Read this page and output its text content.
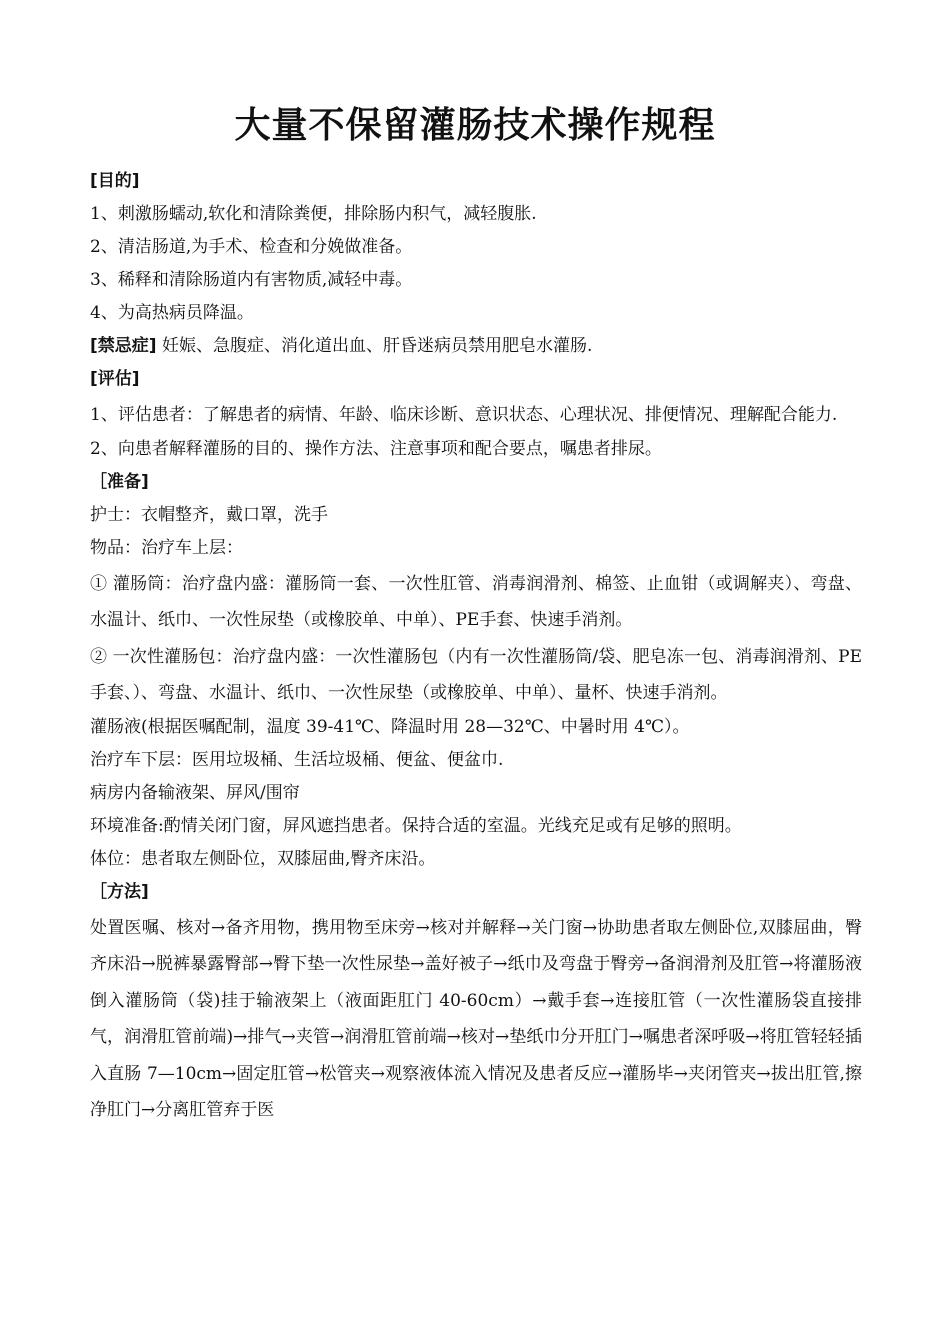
大量不保留灌肠技术操作规程

[目的]

1、刺激肠蠕动,软化和清除粪便，排除肠内积气，减轻腹胀.

2、清洁肠道,为手术、检查和分娩做准备。

3、稀释和清除肠道内有害物质,减轻中毒。

4、为高热病员降温。

[禁忌症] 妊娠、急腹症、消化道出血、肝昏迷病员禁用肥皂水灌肠.

[评估]

1、评估患者：了解患者的病情、年龄、临床诊断、意识状态、心理状况、排便情况、理解配合能力.

2、向患者解释灌肠的目的、操作方法、注意事项和配合要点，嘱患者排尿。

［准备]

护士：衣帽整齐，戴口罩，洗手

物品：治疗车上层：

① 灌肠筒：治疗盘内盛：灌肠筒一套、一次性肛管、消毒润滑剂、棉签、止血钳（或调解夹）、弯盘、水温计、纸巾、一次性尿垫（或橡胶单、中单）、PE手套、快速手消剂。

② 一次性灌肠包：治疗盘内盛：一次性灌肠包（内有一次性灌肠筒/袋、肥皂冻一包、消毒润滑剂、PE手套、）、弯盘、水温计、纸巾、一次性尿垫（或橡胶单、中单）、量杯、快速手消剂。

灌肠液(根据医嘱配制，温度 39-41℃、降温时用 28—32℃、中暑时用 4℃）。

治疗车下层：医用垃圾桶、生活垃圾桶、便盆、便盆巾.

病房内备输液架、屏风/围帘

环境准备:酌情关闭门窗，屏风遮挡患者。保持合适的室温。光线充足或有足够的照明。

体位：患者取左侧卧位，双膝屈曲,臀齐床沿。

［方法]

处置医嘱、核对→备齐用物，携用物至床旁→核对并解释→关门窗→协助患者取左侧卧位,双膝屈曲，臀齐床沿→脱裤暴露臀部→臀下垫一次性尿垫→盖好被子→纸巾及弯盘于臀旁→备润滑剂及肛管→将灌肠液倒入灌肠筒（袋)挂于输液架上（液面距肛门 40-60cm）→戴手套→连接肛管（一次性灌肠袋直接排气，润滑肛管前端)→排气→夹管→润滑肛管前端→核对→垫纸巾分开肛门→嘱患者深呼吸→将肛管轻轻插入直肠 7—10cm→固定肛管→松管夹→观察液体流入情况及患者反应→灌肠毕→夹闭管夹→拔出肛管,擦净肛门→分离肛管弃于医
